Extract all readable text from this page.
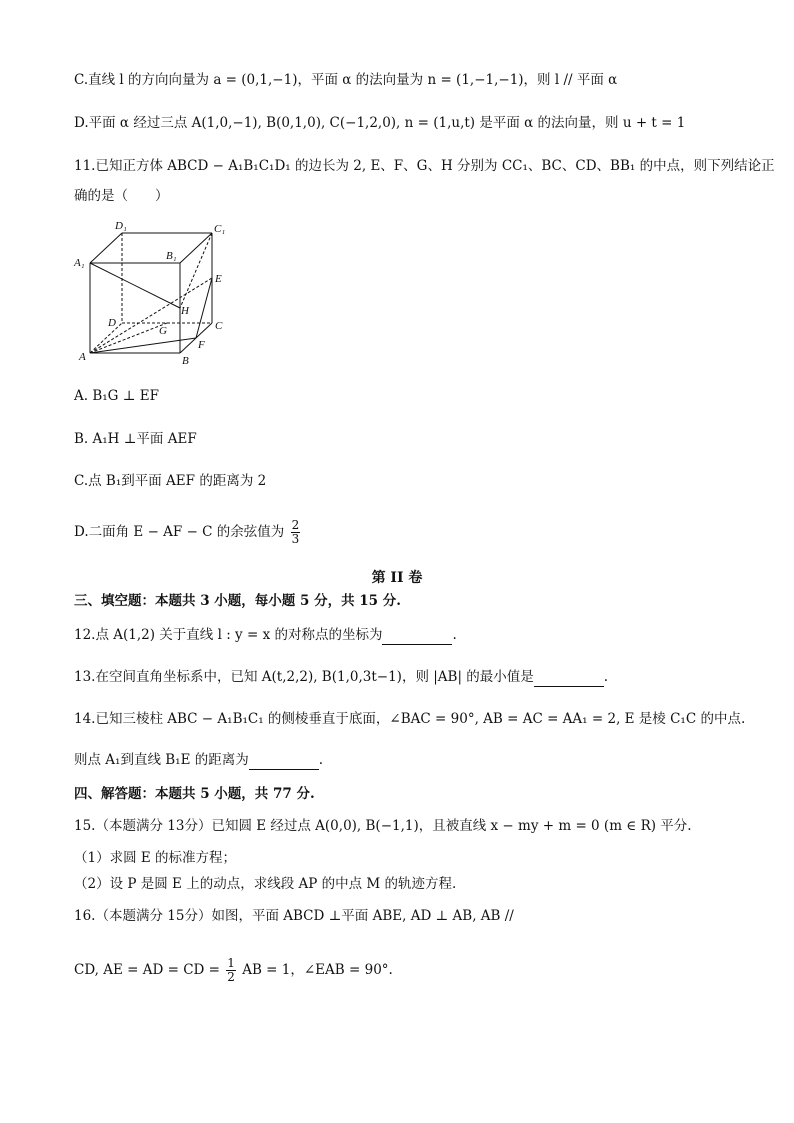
C.直线 l 的方向向量为 a = (0,1,−1)，平面 α 的法向量为 n = (1,−1,−1)，则 l // 平面 α
D.平面 α 经过三点 A(1,0,−1), B(0,1,0), C(−1,2,0), n = (1,u,t) 是平面 α 的法向量，则 u + t = 1
11.已知正方体 ABCD − A₁B₁C₁D₁ 的边长为 2, E、F、G、H 分别为 CC₁、BC、CD、BB₁ 的中点，则下列结论正
确的是（　　）
D₁	C₁
A₁
B₁
E
H
D
G	C
F
A	B
A. B₁G ⊥ EF
B. A₁H ⊥平面 AEF
C.点 B₁到平面 AEF 的距离为 2
D.二面角 E − AF − C 的余弦值为 $\frac{2}{3}$
第 II 卷
三、填空题：本题共 3 小题，每小题 5 分，共 15 分.
12.点 A(1,2) 关于直线 l : y = x 的对称点的坐标为	.
13.在空间直角坐标系中，已知 A(t,2,2), B(1,0,3t−1)，则 |AB| 的最小值是	.
14.已知三棱柱 ABC − A₁B₁C₁ 的侧棱垂直于底面，∠BAC = 90°, AB = AC = AA₁ = 2, E 是棱 C₁C 的中点.
则点 A₁到直线 B₁E 的距离为	.
四、解答题：本题共 5 小题，共 77 分.
15.（本题满分 13分）已知圆 E 经过点 A(0,0), B(−1,1)，且被直线 x − my + m = 0 (m ∈ R) 平分.
（1）求圆 E 的标准方程；
（2）设 P 是圆 E 上的动点，求线段 AP 的中点 M 的轨迹方程.
16.（本题满分 15分）如图，平面 ABCD ⊥平面 ABE, AD ⊥ AB, AB //
CD, AE = AD = CD = $\frac{1}{2}$ AB = 1，∠EAB = 90°.
